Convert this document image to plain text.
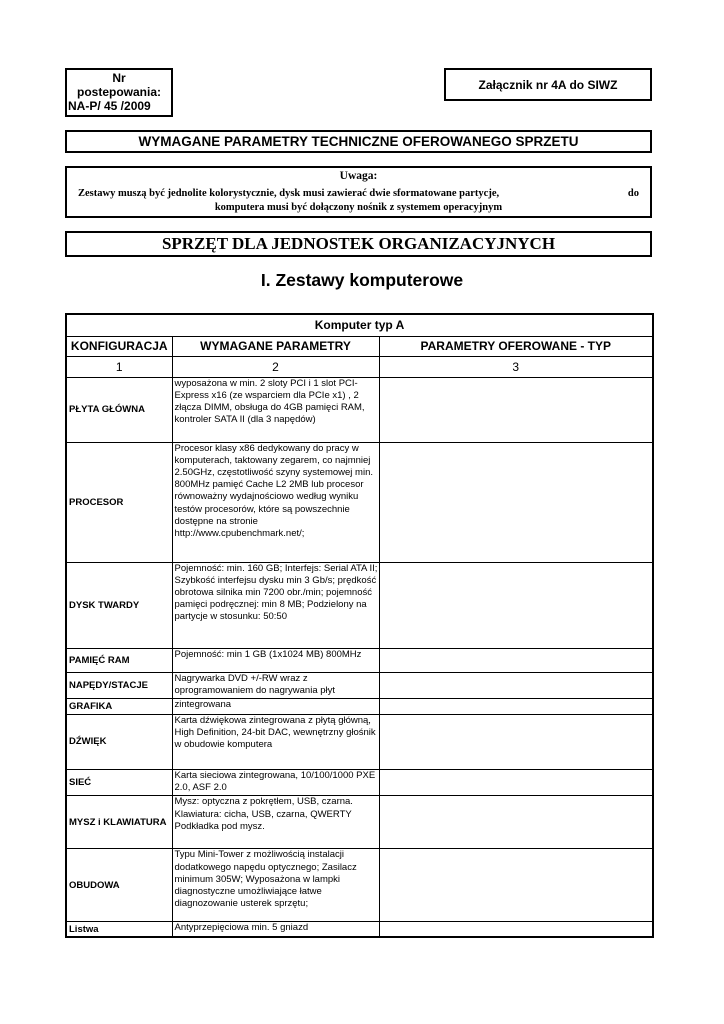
Nr
postepowania:
NA-P/ 45 /2009
Załącznik nr 4A do SIWZ
WYMAGANE PARAMETRY TECHNICZNE OFEROWANEGO SPRZETU
Uwaga:
Zestawy muszą być jednolite kolorystycznie, dysk musi zawierać dwie sformatowane partycje,	do
komputera musi być dołączony nośnik z systemem operacyjnym
SPRZĘT DLA JEDNOSTEK ORGANIZACYJNYCH
I. Zestawy komputerowe
Komputer typ A		
KONFIGURACJA	WYMAGANE PARAMETRY	PARAMETRY OFEROWANE - TYP
1	2	3
PŁYTA GŁÓWNA	wyposażona w min. 2 sloty PCI i 1 slot PCI-Express x16 (ze wsparciem dla PCIe x1) , 2 złącza DIMM, obsługa do 4GB pamięci RAM, kontroler SATA II (dla 3 napędów)	
PROCESOR	Procesor klasy x86 dedykowany do pracy w komputerach, taktowany zegarem, co najmniej 2.50GHz, częstotliwość szyny systemowej min. 800MHz pamięć Cache L2 2MB lub procesor równoważny wydajnościowo według wyniku testów procesorów, które są powszechnie dostępne na stronie http://www.cpubenchmark.net/;	
DYSK TWARDY	Pojemność: min. 160 GB; Interfejs: Serial ATA II; Szybkość interfejsu dysku min 3 Gb/s; prędkość obrotowa silnika min 7200 obr./min; pojemność pamięci podręcznej: min 8 MB; Podzielony na partycje w stosunku: 50:50	
PAMIĘĆ RAM	Pojemność: min 1 GB (1x1024 MB) 800MHz	
NAPĘDY/STACJE	Nagrywarka DVD +/-RW wraz z oprogramowaniem do nagrywania płyt	
GRAFIKA	zintegrowana	
DŹWIĘK	Karta dźwiękowa zintegrowana z płytą główną, High Definition, 24-bit DAC, wewnętrzny głośnik w obudowie komputera	
SIEĆ	Karta sieciowa zintegrowana, 10/100/1000 PXE 2.0, ASF 2.0	
MYSZ i KLAWIATURA	Mysz: optyczna z pokrętłem, USB, czarna. Klawiatura: cicha, USB, czarna, QWERTY Podkładka pod mysz.	
OBUDOWA	Typu Mini-Tower z możliwością instalacji dodatkowego napędu optycznego; Zasilacz minimum 305W; Wyposażona w lampki diagnostyczne umożliwiające łatwe diagnozowanie usterek sprzętu;	
Listwa	Antyprzepięciowa min. 5 gniazd	
